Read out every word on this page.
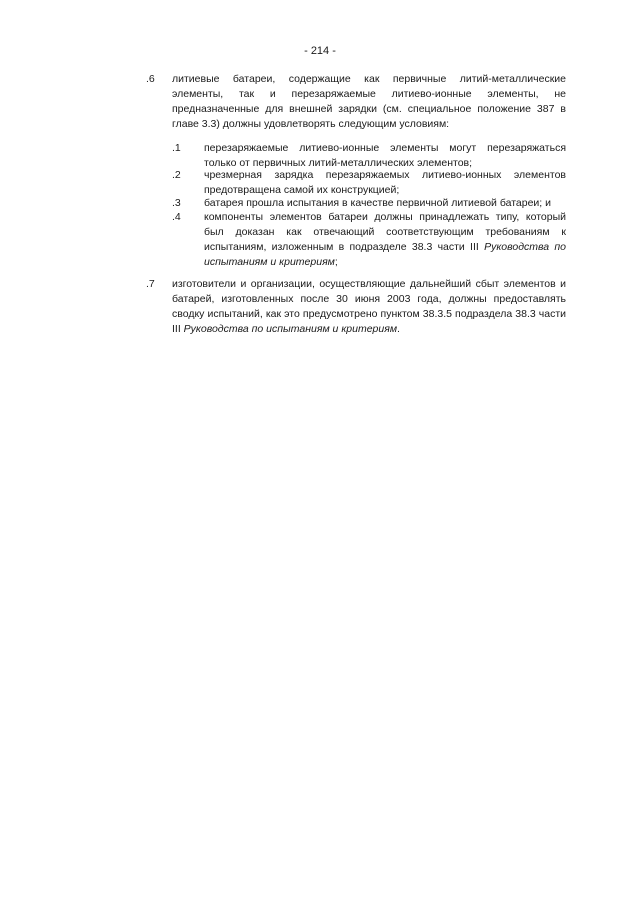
- 214 -
.6 литиевые батареи, содержащие как первичные литий-металлические элементы, так и перезаряжаемые литиево-ионные элементы, не предназначенные для внешней зарядки (см. специальное положение 387 в главе 3.3) должны удовлетворять следующим условиям:
.1 перезаряжаемые литиево-ионные элементы могут перезаряжаться только от первичных литий-металлических элементов;
.2 чрезмерная зарядка перезаряжаемых литиево-ионных элементов предотвращена самой их конструкцией;
.3 батарея прошла испытания в качестве первичной литиевой батареи; и
.4 компоненты элементов батареи должны принадлежать типу, который был доказан как отвечающий соответствующим требованиям к испытаниям, изложенным в подразделе 38.3 части III Руководства по испытаниям и критериям;
.7 изготовители и организации, осуществляющие дальнейший сбыт элементов и батарей, изготовленных после 30 июня 2003 года, должны предоставлять сводку испытаний, как это предусмотрено пунктом 38.3.5 подраздела 38.3 части III Руководства по испытаниям и критериям.
